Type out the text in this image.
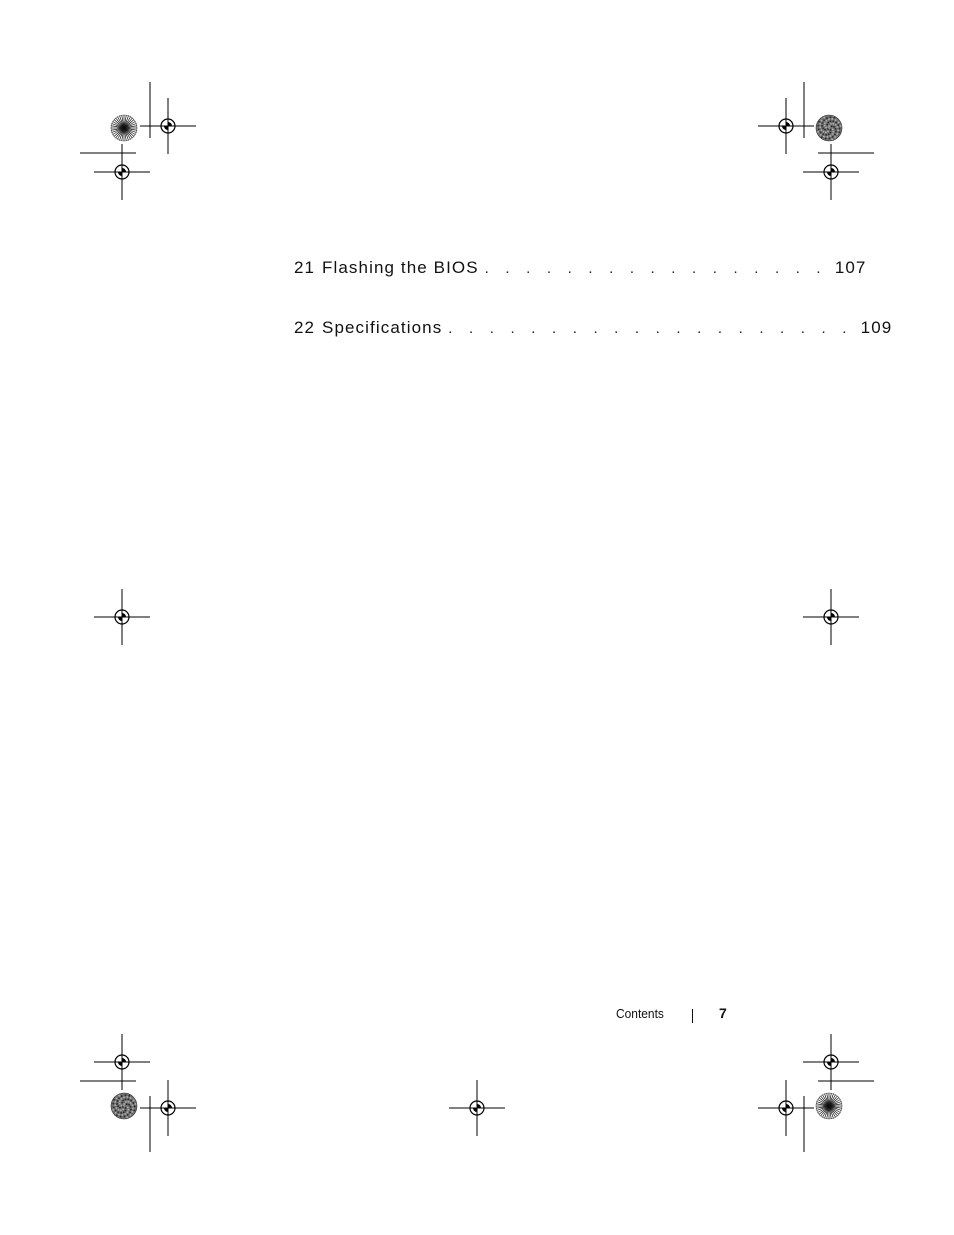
21 Flashing the BIOS . . . . . . . . . . . . . . . . . 107
22 Specifications . . . . . . . . . . . . . . . . . . . . 109
Contents	7
